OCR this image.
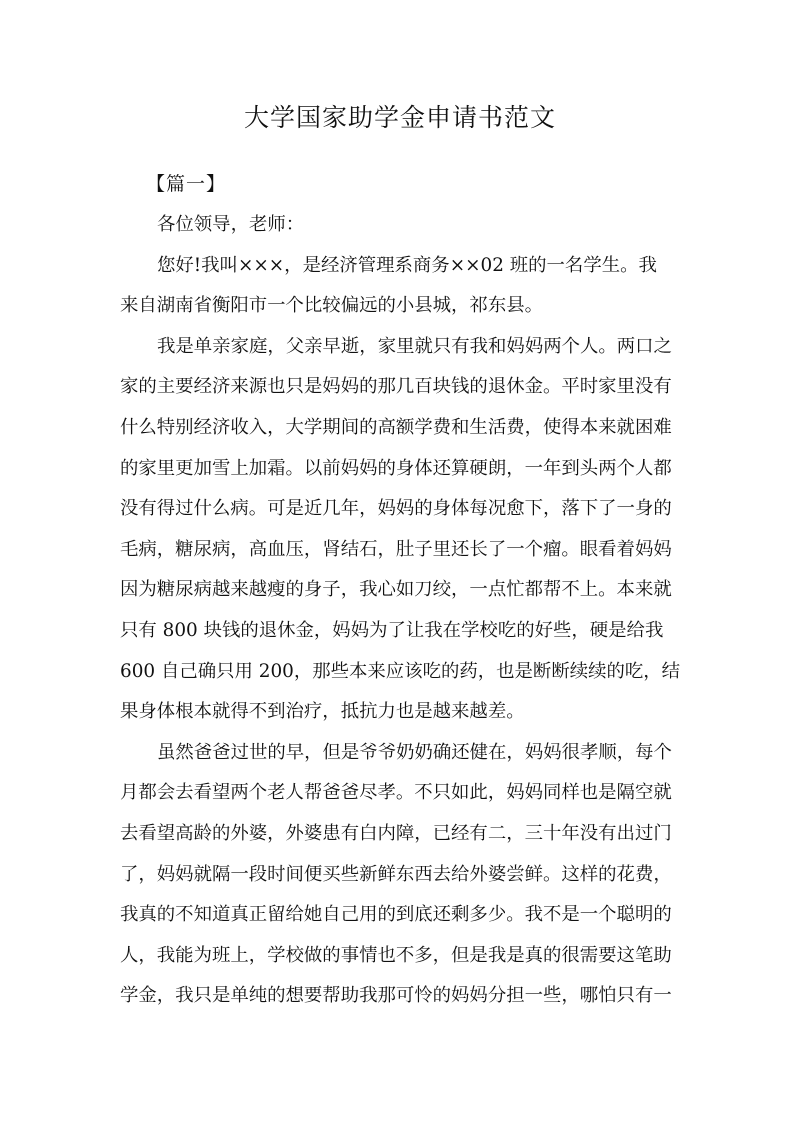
大学国家助学金申请书范文
【篇一】
各位领导，老师：
您好!我叫×××，是经济管理系商务××02 班的一名学生。我
来自湖南省衡阳市一个比较偏远的小县城，祁东县。
我是单亲家庭，父亲早逝，家里就只有我和妈妈两个人。两口之
家的主要经济来源也只是妈妈的那几百块钱的退休金。平时家里没有
什么特别经济收入，大学期间的高额学费和生活费，使得本来就困难
的家里更加雪上加霜。以前妈妈的身体还算硬朗，一年到头两个人都
没有得过什么病。可是近几年，妈妈的身体每况愈下，落下了一身的
毛病，糖尿病，高血压，肾结石，肚子里还长了一个瘤。眼看着妈妈
因为糖尿病越来越瘦的身子，我心如刀绞，一点忙都帮不上。本来就
只有 800 块钱的退休金，妈妈为了让我在学校吃的好些，硬是给我
600 自己确只用 200，那些本来应该吃的药，也是断断续续的吃，结
果身体根本就得不到治疗，抵抗力也是越来越差。
虽然爸爸过世的早，但是爷爷奶奶确还健在，妈妈很孝顺，每个
月都会去看望两个老人帮爸爸尽孝。不只如此，妈妈同样也是隔空就
去看望高龄的外婆，外婆患有白内障，已经有二，三十年没有出过门
了，妈妈就隔一段时间便买些新鲜东西去给外婆尝鲜。这样的花费，
我真的不知道真正留给她自己用的到底还剩多少。我不是一个聪明的
人，我能为班上，学校做的事情也不多，但是我是真的很需要这笔助
学金，我只是单纯的想要帮助我那可怜的妈妈分担一些，哪怕只有一
